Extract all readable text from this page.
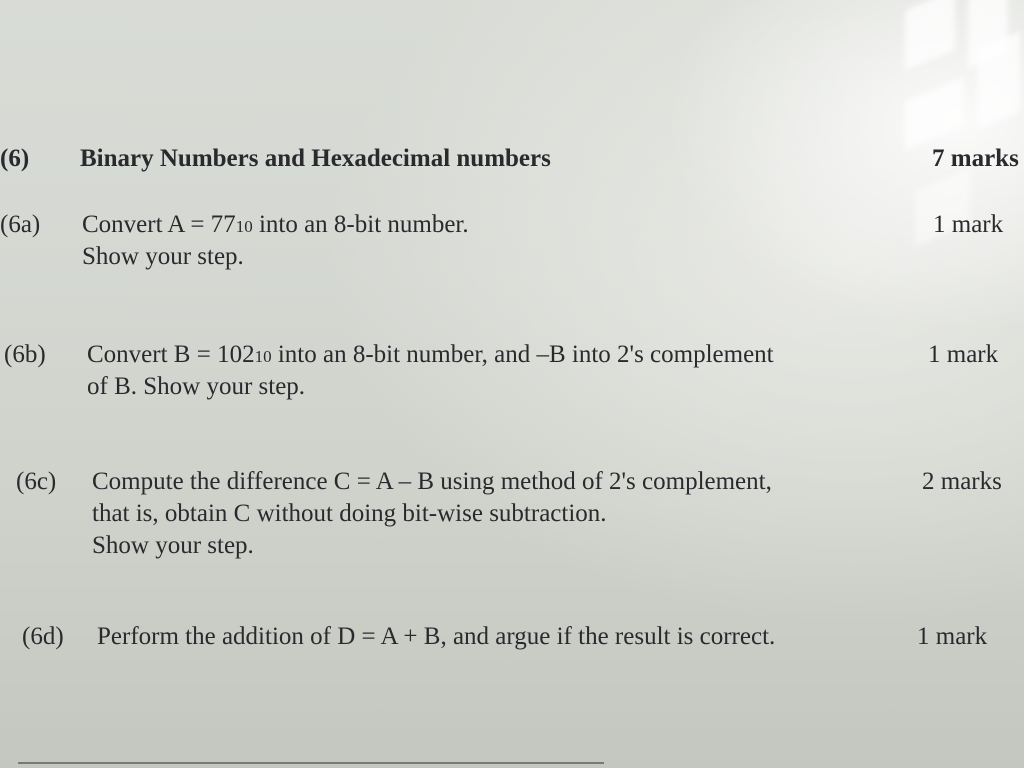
(6) Binary Numbers and Hexadecimal numbers	7 marks
(6a) Convert A = 7710 into an 8-bit number.
Show your step.
1 mark
(6b) Convert B = 10210 into an 8-bit number, and –B into 2's complement
of B. Show your step.
1 mark
(6c) Compute the difference C = A – B using method of 2's complement,
that is, obtain C without doing bit-wise subtraction.
Show your step.
2 marks
(6d) Perform the addition of D = A + B, and argue if the result is correct.	1 mark
